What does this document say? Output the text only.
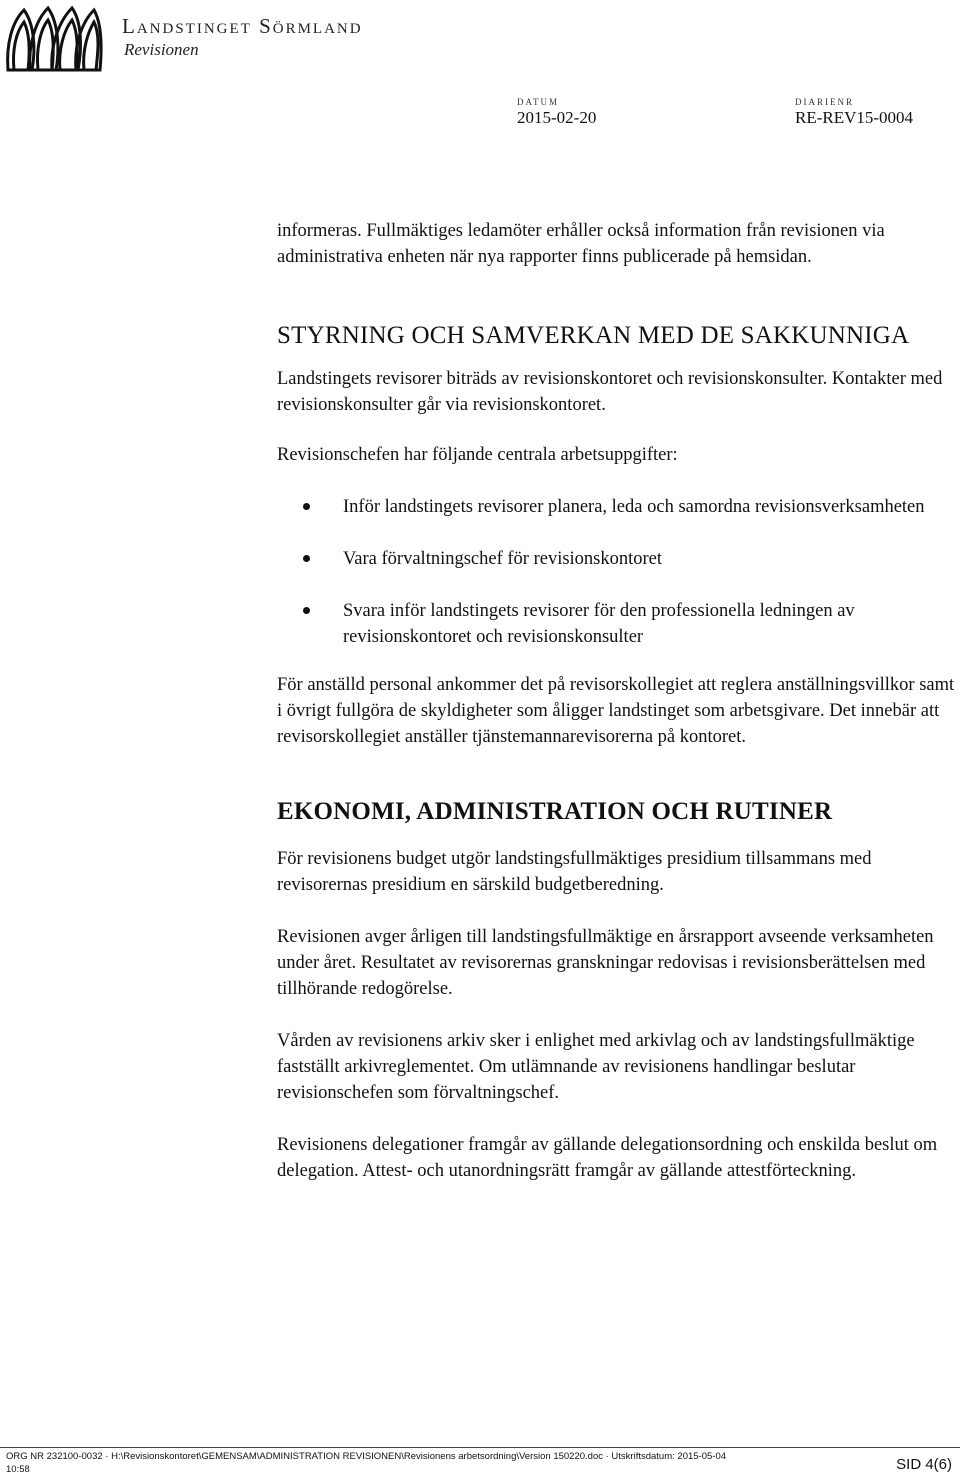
Landstinget Sörmland
Revisionen
DATUM
2015-02-20
DIARIENR
RE-REV15-0004

informeras. Fullmäktiges ledamöter erhåller också information från revisionen via administrativa enheten när nya rapporter finns publicerade på hemsidan.

STYRNING OCH SAMVERKAN MED DE SAKKUNNIGA

Landstingets revisorer biträds av revisionskontoret och revisionskonsulter. Kontakter med revisionskonsulter går via revisionskontoret.

Revisionschefen har följande centrala arbetsuppgifter:

Inför landstingets revisorer planera, leda och samordna revisionsverksamheten
Vara förvaltningschef för revisionskontoret
Svara inför landstingets revisorer för den professionella ledningen av revisionskontoret och revisionskonsulter

För anställd personal ankommer det på revisorskollegiet att reglera anställningsvillkor samt i övrigt fullgöra de skyldigheter som åligger landstinget som arbetsgivare. Det innebär att revisorskollegiet anställer tjänstemannarevisorerna på kontoret.

EKONOMI, ADMINISTRATION OCH RUTINER

För revisionens budget utgör landstingsfullmäktiges presidium tillsammans med revisorernas presidium en särskild budgetberedning.

Revisionen avger årligen till landstingsfullmäktige en årsrapport avseende verksamheten under året. Resultatet av revisorernas granskningar redovisas i revisionsberättelsen med tillhörande redogörelse.

Vården av revisionens arkiv sker i enlighet med arkivlag och av landstingsfullmäktige fastställt arkivreglementet. Om utlämnande av revisionens handlingar beslutar revisionschefen som förvaltningschef.

Revisionens delegationer framgår av gällande delegationsordning och enskilda beslut om delegation. Attest- och utanordningsrätt framgår av gällande attestförteckning.

ORG NR 232100-0032 · H:\Revisionskontoret\GEMENSAM\ADMINISTRATION REVISIONEN\Revisionens arbetsordning\Version 150220.doc · Utskriftsdatum: 2015-05-04 10:58	SID 4(6)
